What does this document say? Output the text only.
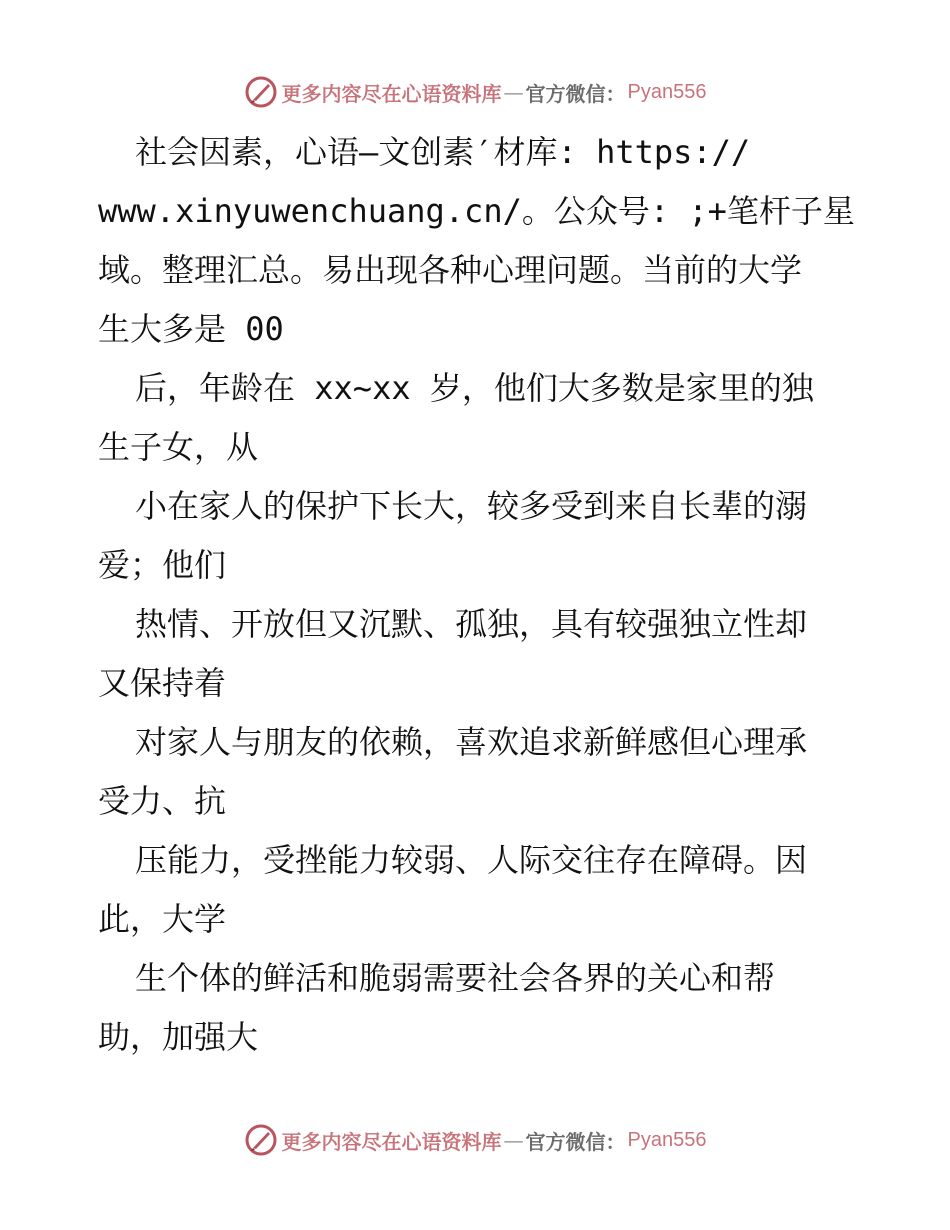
更多内容尽在心语资料库 — 官方微信： Pyan556
社会因素，心语—文创素′材库: https://
www.xinyuwenchuang.cn/。公众号: ;+笔杆子星
域。整理汇总。易出现各种心理问题。当前的大学
生大多是 00
后，年龄在 xx~xx 岁，他们大多数是家里的独
生子女，从
小在家人的保护下长大，较多受到来自长辈的溺
爱；他们
热情、开放但又沉默、孤独，具有较强独立性却
又保持着
对家人与朋友的依赖，喜欢追求新鲜感但心理承
受力、抗
压能力，受挫能力较弱、人际交往存在障碍。因
此，大学
生个体的鲜活和脆弱需要社会各界的关心和帮
助，加强大
更多内容尽在心语资料库 — 官方微信： Pyan556
